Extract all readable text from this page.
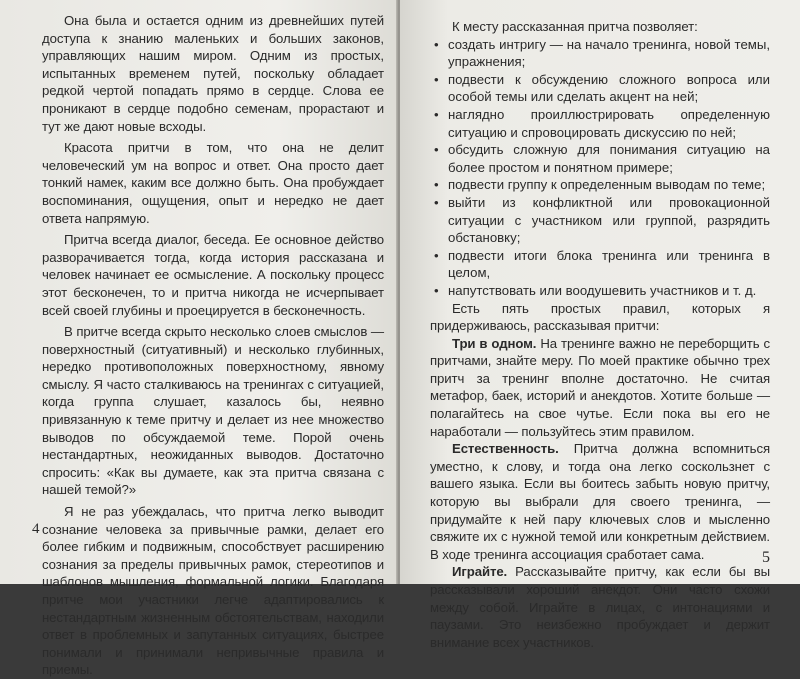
Она была и остается одним из древнейших путей доступа к знанию маленьких и больших законов, управляющих нашим миром. Одним из простых, испытанных временем путей, поскольку обладает редкой чертой попадать прямо в сердце. Слова ее проникают в сердце подобно семенам, прорастают и тут же дают новые всходы.

Красота притчи в том, что она не делит человеческий ум на вопрос и ответ. Она просто дает тонкий намек, каким все должно быть. Она пробуждает воспоминания, ощущения, опыт и нередко не дает ответа напрямую.

Притча всегда диалог, беседа. Ее основное действо разворачивается тогда, когда история рассказана и человек начинает ее осмысление. А поскольку процесс этот бесконечен, то и притча никогда не исчерпывает всей своей глубины и проецируется в бесконечность.

В притче всегда скрыто несколько слоев смыслов — поверхностный (ситуативный) и несколько глубинных, нередко противоположных поверхностному, явному смыслу. Я часто сталкиваюсь на тренингах с ситуацией, когда группа слушает, казалось бы, неявно привязанную к теме притчу и делает из нее множество выводов по обсуждаемой теме. Порой очень нестандартных, неожиданных выводов. Достаточно спросить: «Как вы думаете, как эта притча связана с нашей темой?»

Я не раз убеждалась, что притча легко выводит сознание человека за привычные рамки, делает его более гибким и подвижным, способствует расширению сознания за пределы привычных рамок, стереотипов и шаблонов мышления, формальной логики. Благодаря притче мои участники легче адаптировались к нестандартным жизненным обстоятельствам, находили ответ в проблемных и запутанных ситуациях, быстрее понимали и принимали непривычные правила и приемы.

4

К месту рассказанная притча позволяет:

• создать интригу — на начало тренинга, новой темы, упражнения;
• подвести к обсуждению сложного вопроса или особой темы или сделать акцент на ней;
• наглядно проиллюстрировать определенную ситуацию и спровоцировать дискуссию по ней;
• обсудить сложную для понимания ситуацию на более простом и понятном примере;
• подвести группу к определенным выводам по теме;
• выйти из конфликтной или провокационной ситуации с участником или группой, разрядить обстановку;
• подвести итоги блока тренинга или тренинга в целом,
• напутствовать или воодушевить участников и т. д.

Есть пять простых правил, которых я придерживаюсь, рассказывая притчи:

Три в одном. На тренинге важно не переборщить с притчами, знайте меру. По моей практике обычно трех притч за тренинг вполне достаточно. Не считая метафор, баек, историй и анекдотов. Хотите больше — полагайтесь на свое чутье. Если пока вы его не наработали — пользуйтесь этим правилом.

Естественность. Притча должна вспомниться уместно, к слову, и тогда она легко соскользнет с вашего языка. Если вы боитесь забыть новую притчу, которую вы выбрали для своего тренинга, — придумайте к ней пару ключевых слов и мысленно свяжите их с нужной темой или конкретным действием. В ходе тренинга ассоциация сработает сама.

Играйте. Рассказывайте притчу, как если бы вы рассказывали хороший анекдот. Они часто схожи между собой. Играйте в лицах, с интонациями и паузами. Это неизбежно пробуждает и держит внимание всех участников.

5
